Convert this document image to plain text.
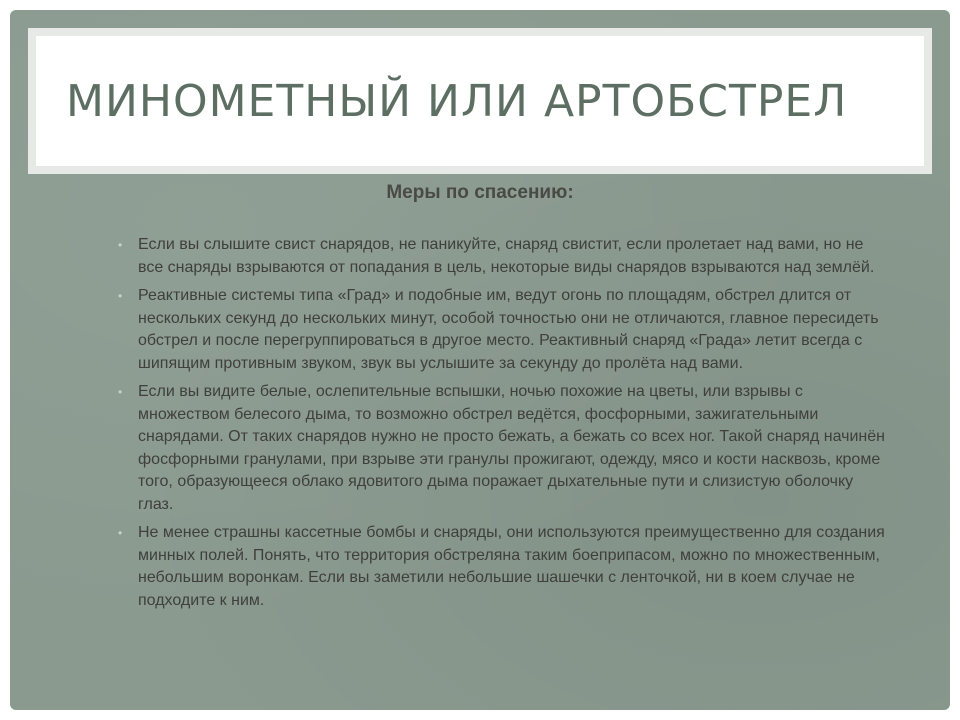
МИНОМЕТНЫЙ ИЛИ АРТОБСТРЕЛ
Меры по спасению:
• Если вы слышите свист снарядов, не паникуйте, снаряд свистит, если пролетает над вами, но не все снаряды взрываются от попадания в цель, некоторые виды снарядов взрываются над землёй.
• Реактивные системы типа «Град» и подобные им, ведут огонь по площадям, обстрел длится от нескольких секунд до нескольких минут, особой точностью они не отличаются, главное пересидеть обстрел и после перегруппироваться в другое место. Реактивный снаряд «Града» летит всегда с шипящим противным звуком, звук вы услышите за секунду до пролёта над вами.
• Если вы видите белые, ослепительные вспышки, ночью похожие на цветы, или взрывы с множеством белесого дыма, то возможно обстрел ведётся, фосфорными, зажигательными снарядами. От таких снарядов нужно не просто бежать, а бежать со всех ног. Такой снаряд начинён фосфорными гранулами, при взрыве эти гранулы прожигают, одежду, мясо и кости насквозь, кроме того, образующееся облако ядовитого дыма поражает дыхательные пути и слизистую оболочку глаз.
• Не менее страшны кассетные бомбы и снаряды, они используются преимущественно для создания минных полей. Понять, что территория обстреляна таким боеприпасом, можно по множественным, небольшим воронкам. Если вы заметили небольшие шашечки с ленточкой, ни в коем случае не подходите к ним.
